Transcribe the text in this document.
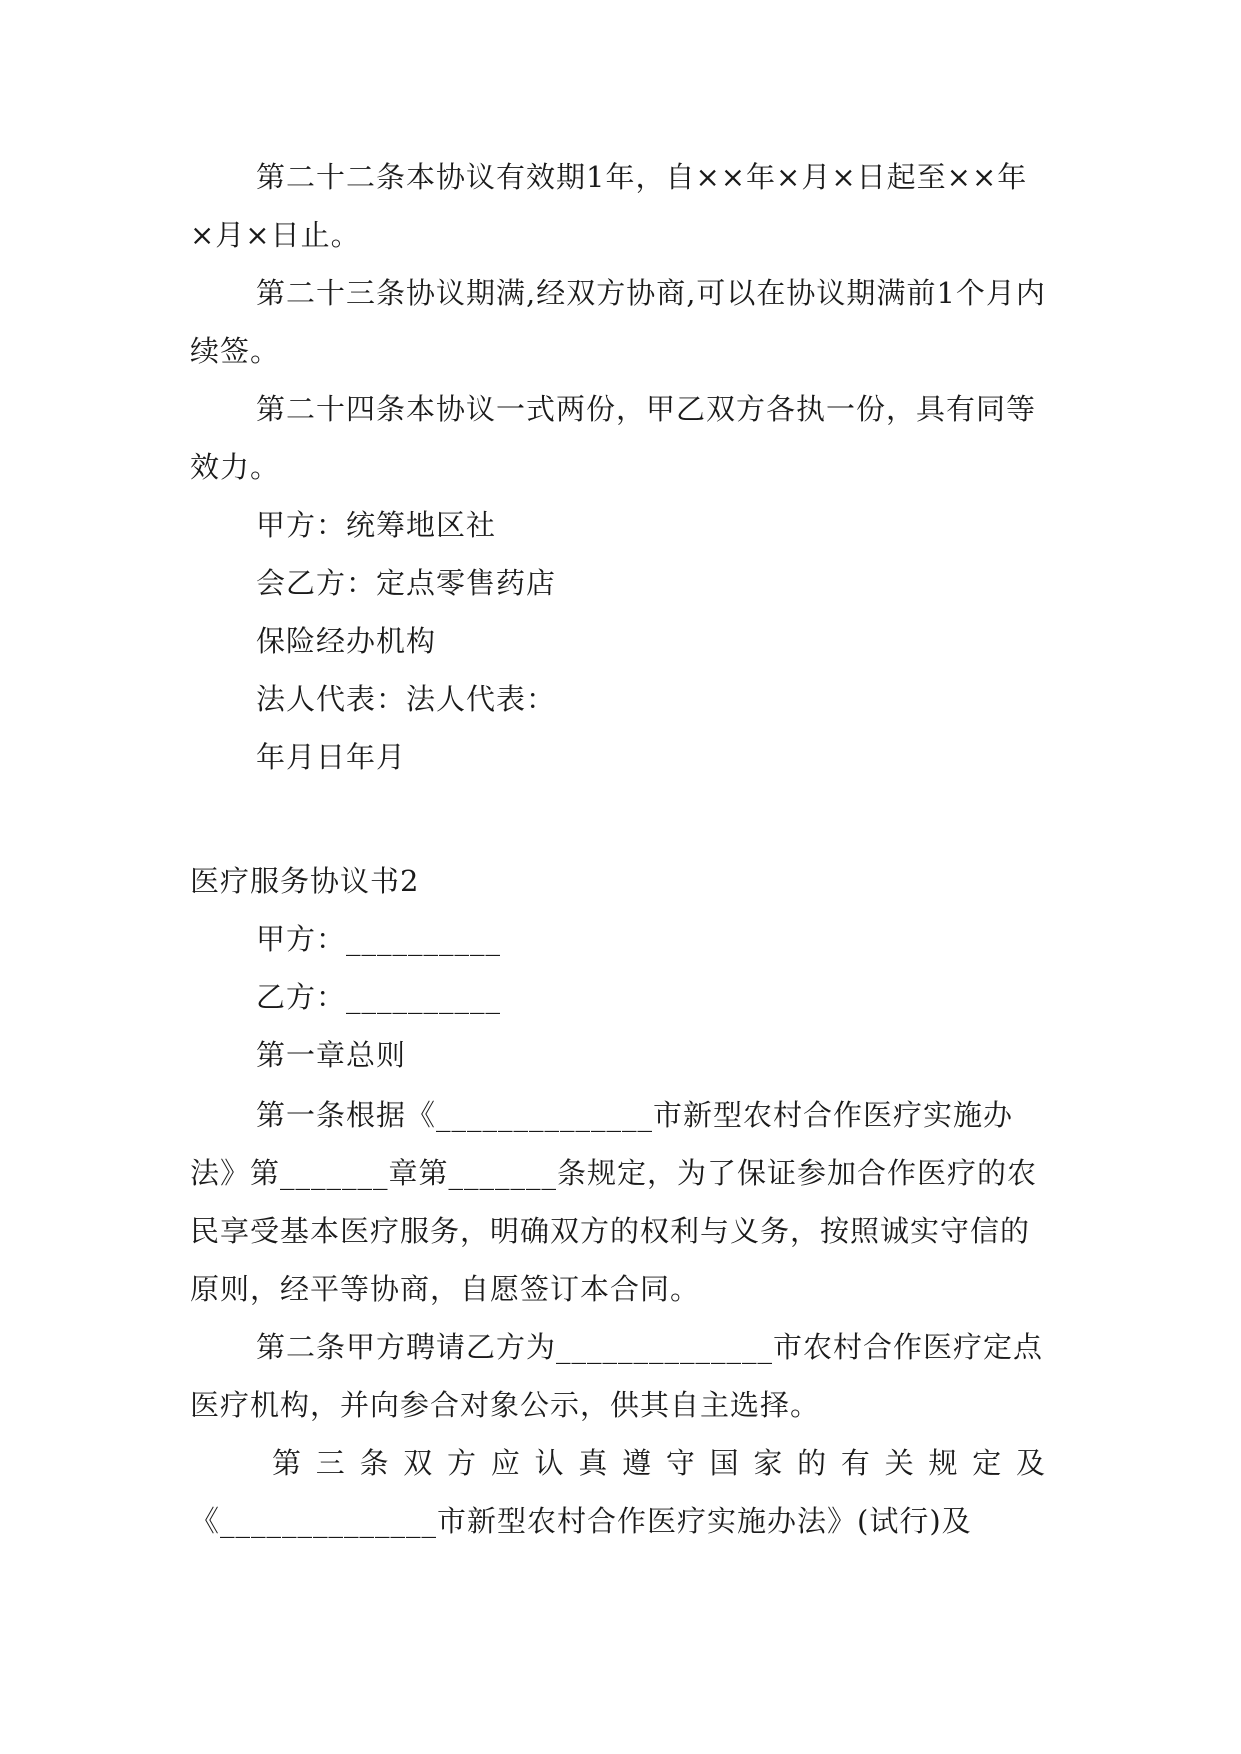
第二十二条本协议有效期1年，自××年×月×日起至××年×月×日止。

第二十三条协议期满,经双方协商,可以在协议期满前1个月内续签。

第二十四条本协议一式两份，甲乙双方各执一份，具有同等效力。

甲方：统筹地区社

会乙方：定点零售药店

保险经办机构

法人代表：法人代表：

年月日年月

医疗服务协议书2

甲方：__________

乙方：__________

第一章总则

第一条根据《______________市新型农村合作医疗实施办法》第_______章第_______条规定，为了保证参加合作医疗的农民享受基本医疗服务，明确双方的权利与义务，按照诚实守信的原则，经平等协商，自愿签订本合同。

第二条甲方聘请乙方为______________市农村合作医疗定点医疗机构，并向参合对象公示，供其自主选择。

第三条双方应认真遵守国家的有关规定及

《______________市新型农村合作医疗实施办法》(试行)及
